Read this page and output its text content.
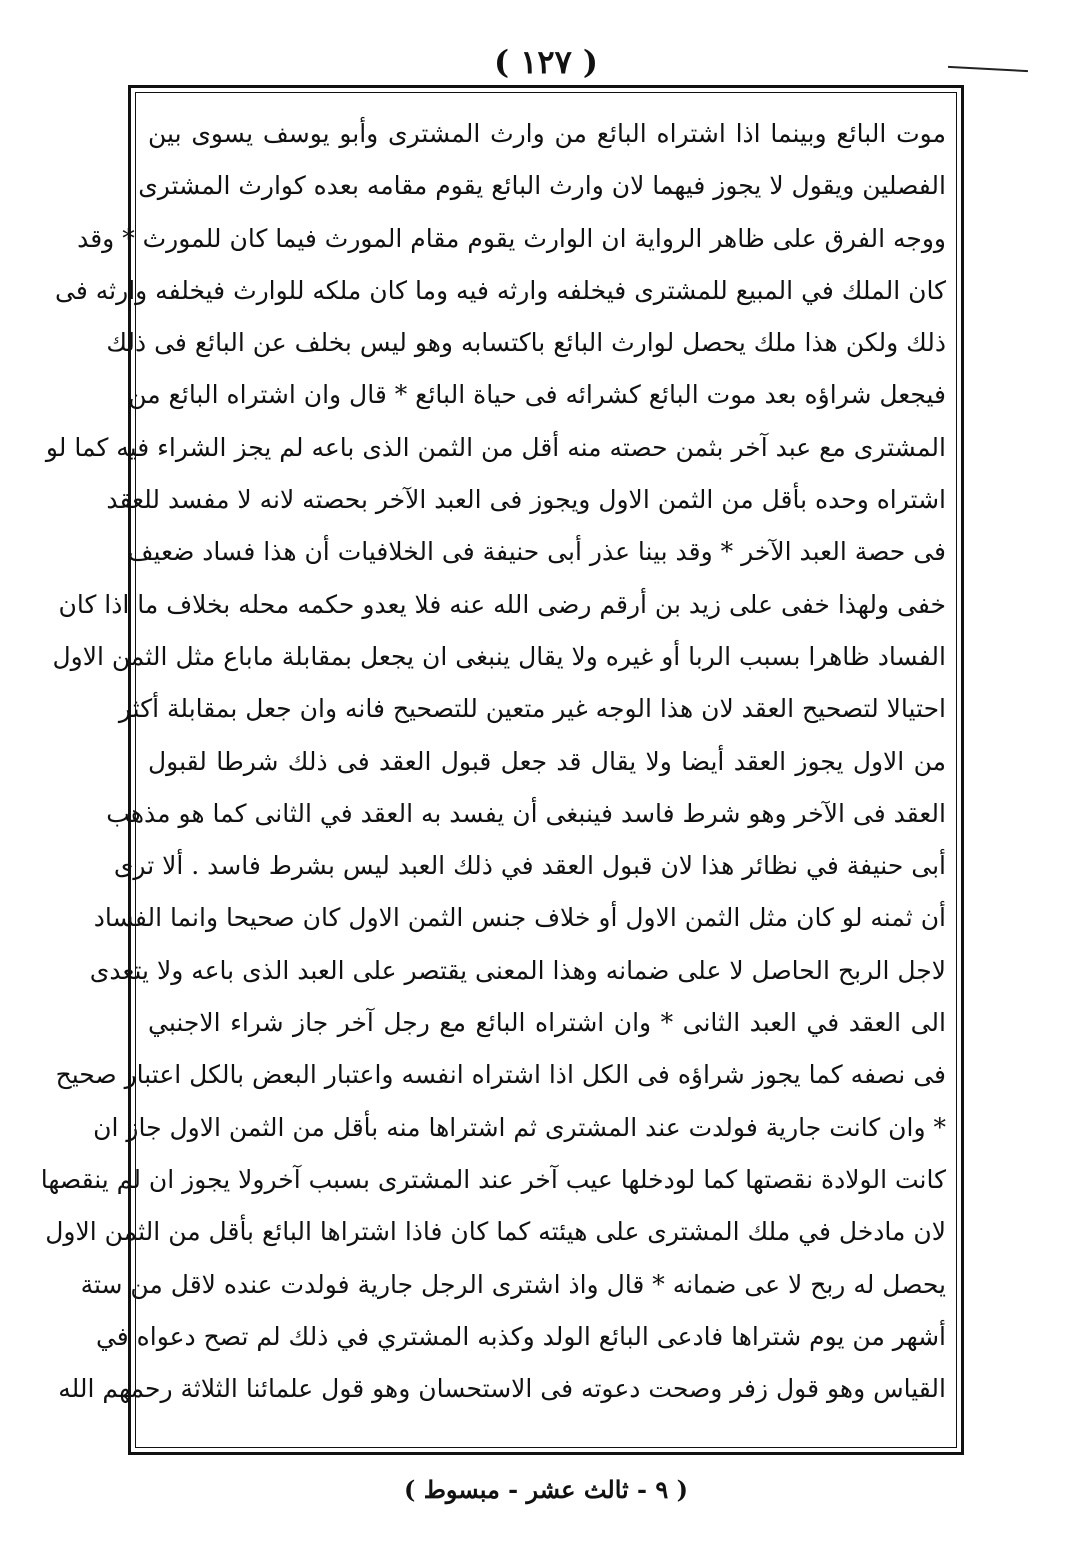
( ١٢٧ )
موت البائع وبينما اذا اشتراه البائع من وارث المشترى وأبو يوسف يسوى بين
الفصلين ويقول لا يجوز فيهما لان وارث البائع يقوم مقامه بعده كوارث المشترى
ووجه الفرق على ظاهر الرواية ان الوارث يقوم مقام المورث فيما كان للمورث * وقد
كان الملك في المبيع للمشترى فيخلفه وارثه فيه وما كان ملكه للوارث فيخلفه وارثه فى
ذلك ولكن هذا ملك يحصل لوارث البائع باكتسابه وهو ليس بخلف عن البائع فى ذلك
فيجعل شراؤه بعد موت البائع كشرائه فى حياة البائع * قال وان اشتراه البائع من
المشترى مع عبد آخر بثمن حصته منه أقل من الثمن الذى باعه لم يجز الشراء فيه كما لو
اشتراه وحده بأقل من الثمن الاول ويجوز فى العبد الآخر بحصته لانه لا مفسد للعقد
فى حصة العبد الآخر * وقد بينا عذر أبى حنيفة فى الخلافيات أن هذا فساد ضعيف
خفى ولهذا خفى على زيد بن أرقم رضى الله عنه فلا يعدو حكمه محله بخلاف ما اذا كان
الفساد ظاهرا بسبب الربا أو غيره ولا يقال ينبغى ان يجعل بمقابلة ماباع مثل الثمن الاول
احتيالا لتصحيح العقد لان هذا الوجه غير متعين للتصحيح فانه وان جعل بمقابلة أكثر
من الاول يجوز العقد أيضا ولا يقال قد جعل قبول العقد فى ذلك شرطا لقبول
العقد فى الآخر وهو شرط فاسد فينبغى أن يفسد به العقد في الثانى كما هو مذهب
أبى حنيفة في نظائر هذا لان قبول العقد في ذلك العبد ليس بشرط فاسد . ألا ترى
أن ثمنه لو كان مثل الثمن الاول أو خلاف جنس الثمن الاول كان صحيحا وانما الفساد
لاجل الربح الحاصل لا على ضمانه وهذا المعنى يقتصر على العبد الذى باعه ولا يتعدى
الى العقد في العبد الثانى * وان اشتراه البائع مع رجل آخر جاز شراء الاجنبي
فى نصفه كما يجوز شراؤه فى الكل اذا اشتراه انفسه واعتبار البعض بالكل اعتبار صحيح
* وان كانت جارية فولدت عند المشترى ثم اشتراها منه بأقل من الثمن الاول جاز ان
كانت الولادة نقصتها كما لودخلها عيب آخر عند المشترى بسبب آخرولا يجوز ان لم ينقصها
لان مادخل في ملك المشترى على هيئته كما كان فاذا اشتراها البائع بأقل من الثمن الاول
يحصل له ربح لا عى ضمانه * قال واذ اشترى الرجل جارية فولدت عنده لاقل من ستة
أشهر من يوم شتراها فادعى البائع الولد وكذبه المشتري في ذلك لم تصح دعواه في
القياس وهو قول زفر وصحت دعوته فى الاستحسان وهو قول علمائنا الثلاثة رحمهم الله
( ٩ - ثالث عشر - مبسوط )
